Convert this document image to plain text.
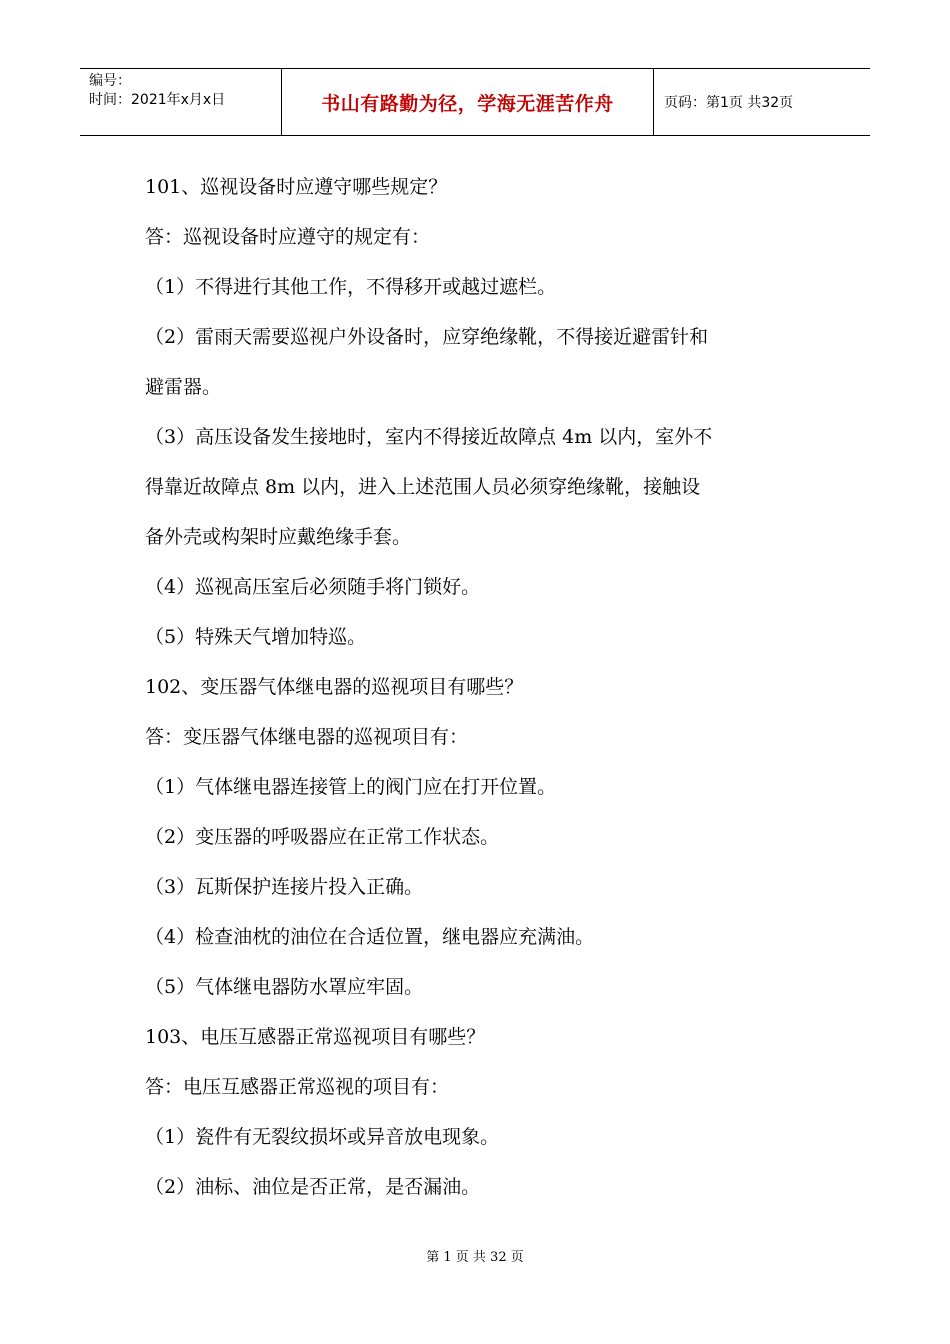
编号：
时间：2021年x月x日	书山有路勤为径，学海无涯苦作舟	页码：第1页 共32页

101、巡视设备时应遵守哪些规定？

答：巡视设备时应遵守的规定有：

（1）不得进行其他工作，不得移开或越过遮栏。

（2）雷雨天需要巡视户外设备时，应穿绝缘靴，不得接近避雷针和

避雷器。

（3）高压设备发生接地时，室内不得接近故障点 4m 以内，室外不

得靠近故障点 8m 以内，进入上述范围人员必须穿绝缘靴，接触设

备外壳或构架时应戴绝缘手套。

（4）巡视高压室后必须随手将门锁好。

（5）特殊天气增加特巡。

102、变压器气体继电器的巡视项目有哪些？

答：变压器气体继电器的巡视项目有：

（1）气体继电器连接管上的阀门应在打开位置。

（2）变压器的呼吸器应在正常工作状态。

（3）瓦斯保护连接片投入正确。

（4）检查油枕的油位在合适位置，继电器应充满油。

（5）气体继电器防水罩应牢固。

103、电压互感器正常巡视项目有哪些？

答：电压互感器正常巡视的项目有：

（1）瓷件有无裂纹损坏或异音放电现象。

（2）油标、油位是否正常，是否漏油。

第 1 页 共 32 页
